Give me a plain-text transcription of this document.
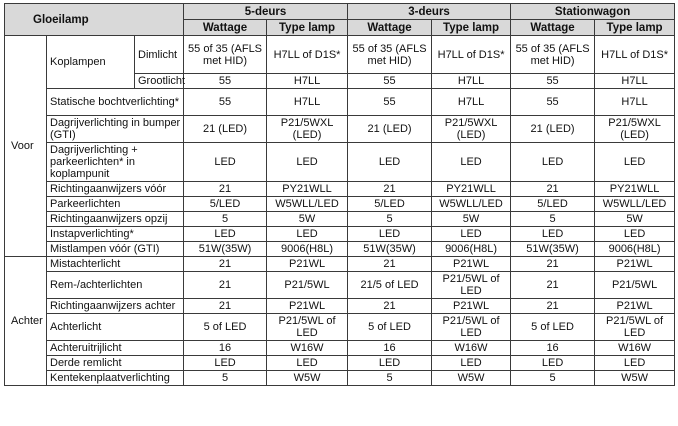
Gloeilamp			5-deurs		3-deurs		Stationwagon	
			Wattage	Type lamp	Wattage	Type lamp	Wattage	Type lamp
Voor	Koplampen	Dimlicht	55 of 35 (AFLS met HID)	H7LL of D1S*	55 of 35 (AFLS met HID)	H7LL of D1S*	55 of 35 (AFLS met HID)	H7LL of D1S*
		Grootlicht	55	H7LL	55	H7LL	55	H7LL
	Statische bochtverlichting*		55	H7LL	55	H7LL	55	H7LL
	Dagrijverlichting in bumper (GTI)		21 (LED)	P21/5WXL (LED)	21 (LED)	P21/5WXL (LED)	21 (LED)	P21/5WXL (LED)
	Dagrijverlichting + parkeerlichten* in koplampunit		LED	LED	LED	LED	LED	LED
	Richtingaanwijzers vóór		21	PY21WLL	21	PY21WLL	21	PY21WLL
	Parkeerlichten		5/LED	W5WLL/LED	5/LED	W5WLL/LED	5/LED	W5WLL/LED
	Richtingaanwijzers opzij		5	5W	5	5W	5	5W
	Instapverlichting*		LED	LED	LED	LED	LED	LED
	Mistlampen vóór (GTI)		51W(35W)	9006(H8L)	51W(35W)	9006(H8L)	51W(35W)	9006(H8L)
Achter	Mistachterlicht		21	P21WL	21	P21WL	21	P21WL
	Rem-/achterlichten		21	P21/5WL	21/5 of LED	P21/5WL of LED	21	P21/5WL
	Richtingaanwijzers achter		21	P21WL	21	P21WL	21	P21WL
	Achterlicht		5 of LED	P21/5WL of LED	5 of LED	P21/5WL of LED	5 of LED	P21/5WL of LED
	Achteruitrijlicht		16	W16W	16	W16W	16	W16W
	Derde remlicht		LED	LED	LED	LED	LED	LED
	Kentekenplaatverlichting		5	W5W	5	W5W	5	W5W
